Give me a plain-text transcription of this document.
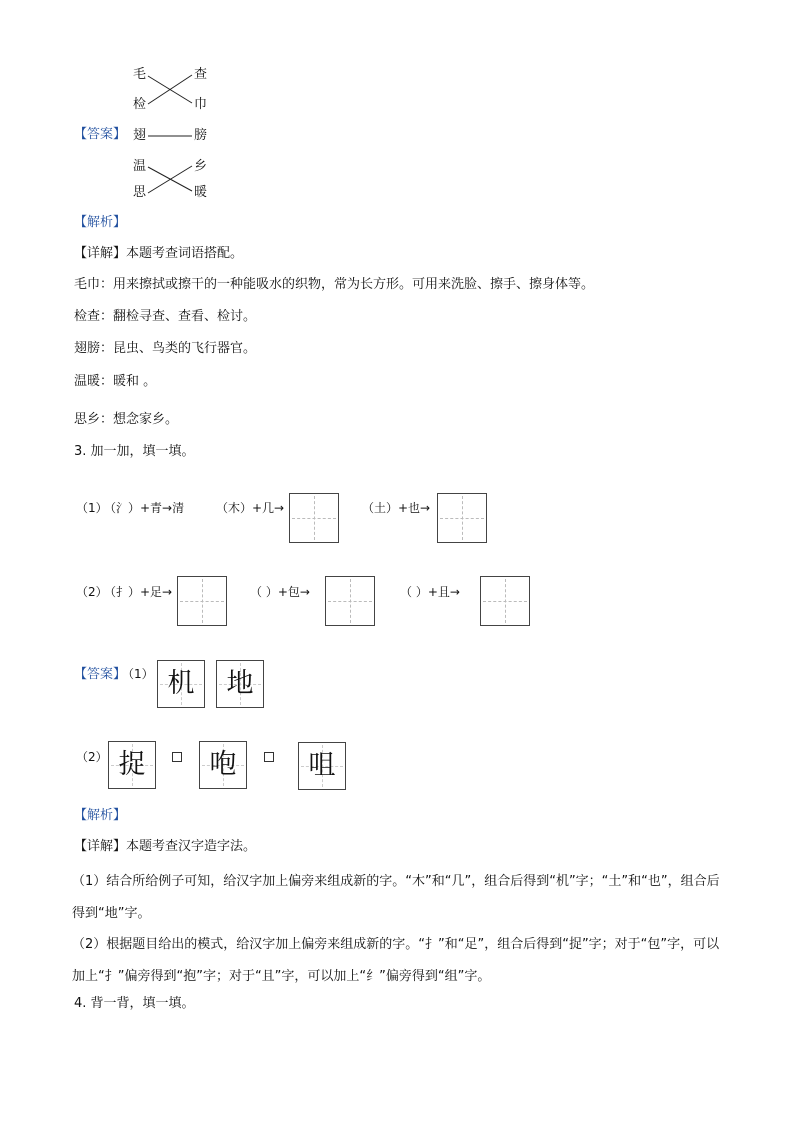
毛
检
【答案】 翅
温
思
查
巾
膀
乡
暖
【解析】
【详解】本题考查词语搭配。
毛巾：用来擦拭或擦干的一种能吸水的织物，常为长方形。可用来洗脸、擦手、擦身体等。
检查：翻检寻查、查看、检讨。
翅膀：昆虫、鸟类的飞行器官。
温暖：暖和 。
思乡：想念家乡。
3. 加一加，填一填。
（1）
（氵）+青→清	（木）+几→	（土）+也→
（2）
（扌）+足→	（ ）+包→	（ ）+且→
【答案】
（1） 机	地
（2） 捉	咆	咀
【解析】
【详解】本题考查汉字造字法。
（1）结合所给例子可知，给汉字加上偏旁来组成新的字。“木”和“几”，组合后得到“机”字；“土”和“也”，组合后得到“地”字。
（2）根据题目给出的模式，给汉字加上偏旁来组成新的字。“扌”和“足”，组合后得到“捉”字；对于“包”字，可以加上“扌”偏旁得到“抱”字；对于“且”字，可以加上“纟”偏旁得到“组”字。
4. 背一背，填一填。
